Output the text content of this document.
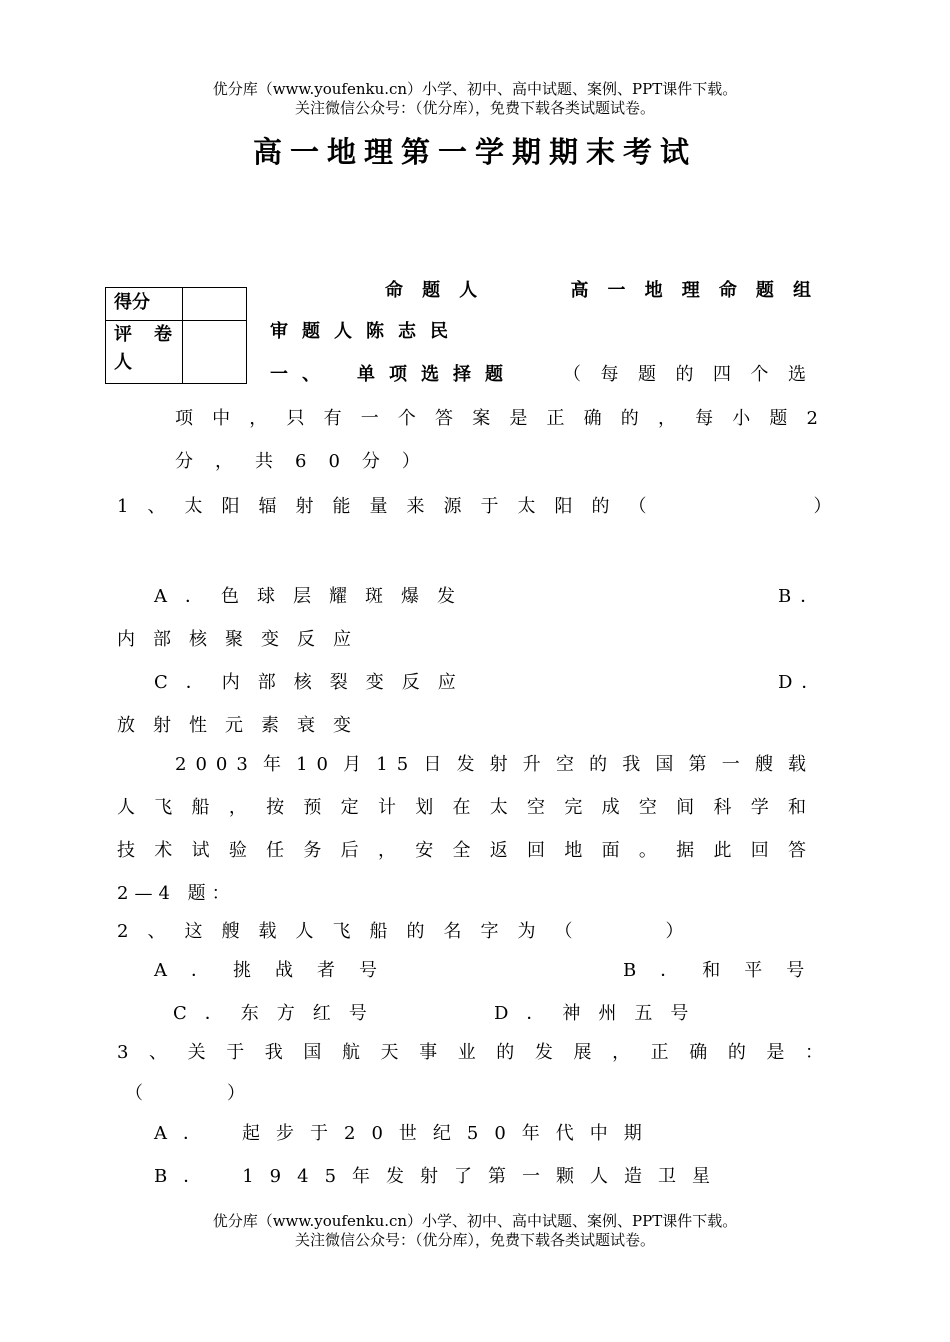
优分库（www.youfenku.cn）小学、初中、高中试题、案例、PPT课件下载。
关注微信公众号：（优分库），免费下载各类试题试卷。
高一地理第一学期期末考试
得分	
评　卷　人	
命题人　　高一地理命题组
审题人陈志民
一、　单项选择题	（每题的四个选
项中，只有一个答案是正确的，每小题2
分，共60分）
1、太阳辐射能量来源于太阳的（　　　　）
A．色球层耀斑爆发	B．
内部核聚变反应
C．内部核裂变反应	D．
放射性元素衰变
2003年10月15日发射升空的我国第一艘载
人飞船，按预定计划在太空完成空间科学和
技术试验任务后，安全返回地面。据此回答
2—4 题：
2、这艘载人飞船的名字为（　　）
A．挑战者号	B．和平号
C．东方红号	D．神州五号
3、关于我国航天事业的发展，正确的是：
（　　）
A．　起步于20世纪50年代中期
B．　1945年发射了第一颗人造卫星
优分库（www.youfenku.cn）小学、初中、高中试题、案例、PPT课件下载。
关注微信公众号：（优分库），免费下载各类试题试卷。
